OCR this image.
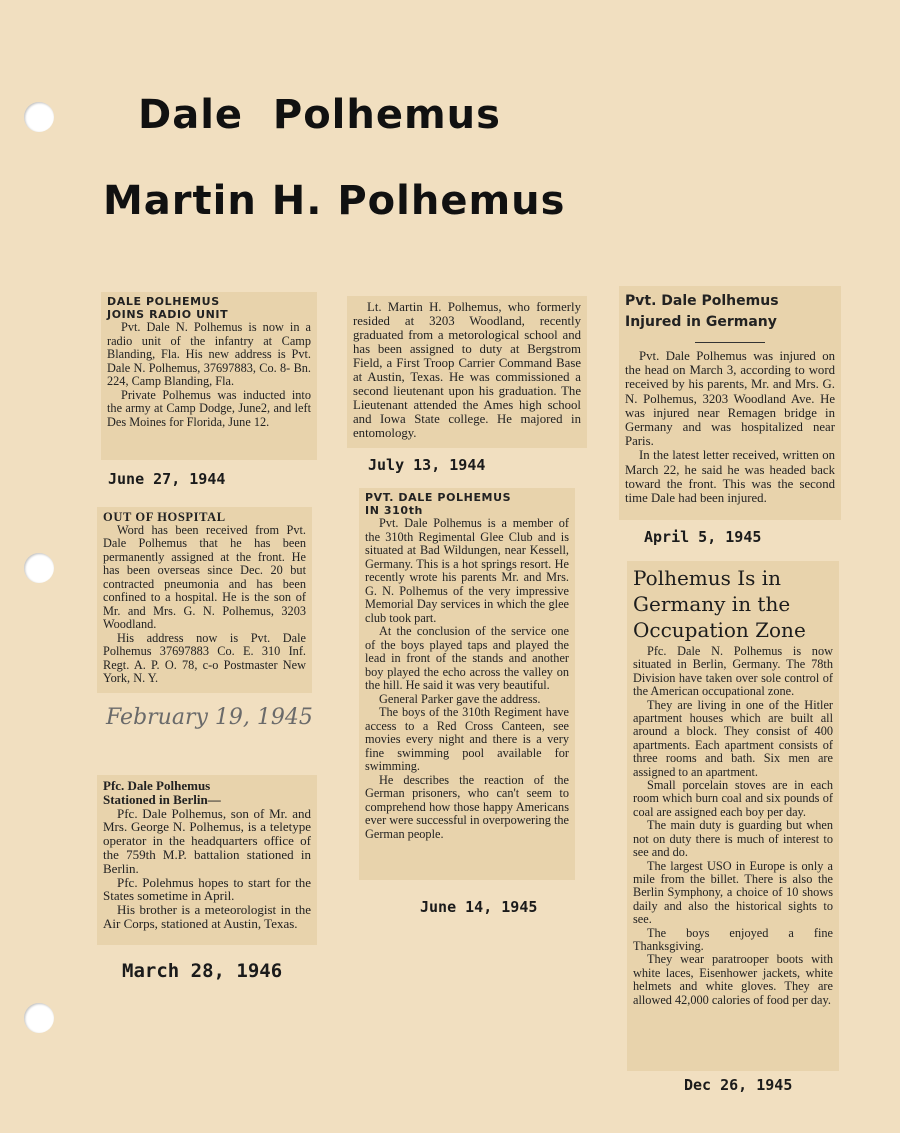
Dale  Polhemus
Martin H. Polhemus
DALE POLHEMUS
JOINS RADIO UNIT

Pvt. Dale N. Polhemus is now in a radio unit of the infantry at Camp Blanding, Fla. His new address is Pvt. Dale N. Polhemus, 37697883, Co. 8- Bn. 224, Camp Blanding, Fla.

Private Polhemus was inducted into the army at Camp Dodge, June2, and left Des Moines for Florida, June 12.

June 27, 1944
OUT OF HOSPITAL

Word has been received from Pvt. Dale Polhemus that he has been permanently assigned at the front. He has been overseas since Dec. 20 but contracted pneumonia and has been confined to a hospital. He is the son of Mr. and Mrs. G. N. Polhemus, 3203 Woodland.

His address now is Pvt. Dale Polhemus 37697883 Co. E. 310 Inf. Regt. A. P. O. 78, c-o Postmaster New York, N. Y.

February 19, 1945
Pfc. Dale Polhemus
Stationed in Berlin—

Pfc. Dale Polhemus, son of Mr. and Mrs. George N. Polhemus, is a teletype operator in the headquarters office of the 759th M.P. battalion stationed in Berlin.

Pfc. Polehmus hopes to start for the States sometime in April.

His brother is a meteorologist in the Air Corps, stationed at Austin, Texas.

March 28, 1946

Lt. Martin H. Polhemus, who formerly resided at 3203 Woodland, recently graduated from a metorological school and has been assigned to duty at Bergstrom Field, a First Troop Carrier Command Base at Austin, Texas. He was commissioned a second lieutenant upon his graduation. The Lieutenant attended the Ames high school and Iowa State college. He majored in entomology.

July 13, 1944
PVT. DALE POLHEMUS
IN 310th

Pvt. Dale Polhemus is a member of the 310th Regimental Glee Club and is situated at Bad Wildungen, near Kessell, Germany. This is a hot springs resort. He recently wrote his parents Mr. and Mrs. G. N. Polhemus of the very impressive Memorial Day services in which the glee club took part.

At the conclusion of the service one of the boys played taps and played the lead in front of the stands and another boy played the echo across the valley on the hill. He said it was very beautiful.

General Parker gave the address.

The boys of the 310th Regiment have access to a Red Cross Canteen, see movies every night and there is a very fine swimming pool available for swimming.

He describes the reaction of the German prisoners, who can't seem to comprehend how those happy Americans ever were successful in overpowering the German people.

June 14, 1945
Pvt. Dale Polhemus
Injured in Germany

Pvt. Dale Polhemus was injured on the head on March 3, according to word received by his parents, Mr. and Mrs. G. N. Polhemus, 3203 Woodland Ave. He was injured near Remagen bridge in Germany and was hospitalized near Paris.

In the latest letter received, written on March 22, he said he was headed back toward the front. This was the second time Dale had been injured.

April 5, 1945

Polhemus Is in Germany in the Occupation Zone

Pfc. Dale N. Polhemus is now situated in Berlin, Germany. The 78th Division have taken over sole control of the American occupational zone.

They are living in one of the Hitler apartment houses which are built all around a block. They consist of 400 apartments. Each apartment consists of three rooms and bath. Six men are assigned to an apartment.

Small porcelain stoves are in each room which burn coal and six pounds of coal are assigned each boy per day.

The main duty is guarding but when not on duty there is much of interest to see and do.

The largest USO in Europe is only a mile from the billet. There is also the Berlin Symphony, a choice of 10 shows daily and also the historical sights to see.

The boys enjoyed a fine Thanksgiving.

They wear paratrooper boots with white laces, Eisenhower jackets, white helmets and white gloves. They are allowed 42,000 calories of food per day.

Dec 26, 1945
